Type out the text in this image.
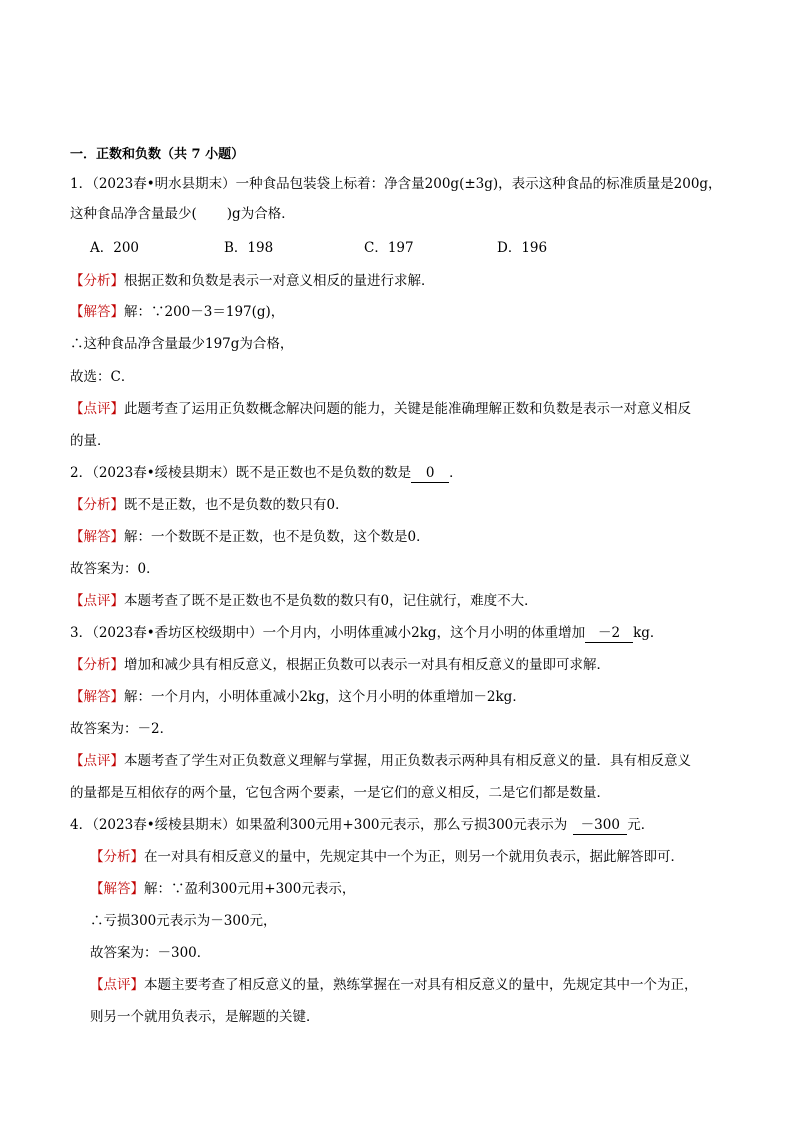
一．正数和负数（共 7 小题）
1．（2023春•明水县期末）一种食品包装袋上标着：净含量200g(±3g)，表示这种食品的标准质量是200g，
这种食品净含量最少( )g为合格．
A．200	B．198	C．197	D．196
【分析】根据正数和负数是表示一对意义相反的量进行求解．
【解答】解：∵200－3＝197(g)，
∴这种食品净含量最少197g为合格，
故选：C．
【点评】此题考查了运用正负数概念解决问题的能力，关键是能准确理解正数和负数是表示一对意义相反
的量．
2．（2023春•绥棱县期末）既不是正数也不是负数的数是 0 ．
【分析】既不是正数，也不是负数的数只有0．
【解答】解：一个数既不是正数，也不是负数，这个数是0．
故答案为：0．
【点评】本题考查了既不是正数也不是负数的数只有0，记住就行，难度不大．
3．（2023春•香坊区校级期中）一个月内，小明体重减小2kg，这个月小明的体重增加 －2 kg．
【分析】增加和减少具有相反意义，根据正负数可以表示一对具有相反意义的量即可求解．
【解答】解：一个月内，小明体重减小2kg，这个月小明的体重增加－2kg．
故答案为：－2．
【点评】本题考查了学生对正负数意义理解与掌握，用正负数表示两种具有相反意义的量．具有相反意义
的量都是互相依存的两个量，它包含两个要素，一是它们的意义相反，二是它们都是数量．
4．（2023春•绥棱县期末）如果盈利300元用+300元表示，那么亏损300元表示为 －300 元．
【分析】在一对具有相反意义的量中，先规定其中一个为正，则另一个就用负表示，据此解答即可．
【解答】解：∵盈利300元用+300元表示，
∴亏损300元表示为－300元，
故答案为：－300．
【点评】本题主要考查了相反意义的量，熟练掌握在一对具有相反意义的量中，先规定其中一个为正，
则另一个就用负表示，是解题的关键．
